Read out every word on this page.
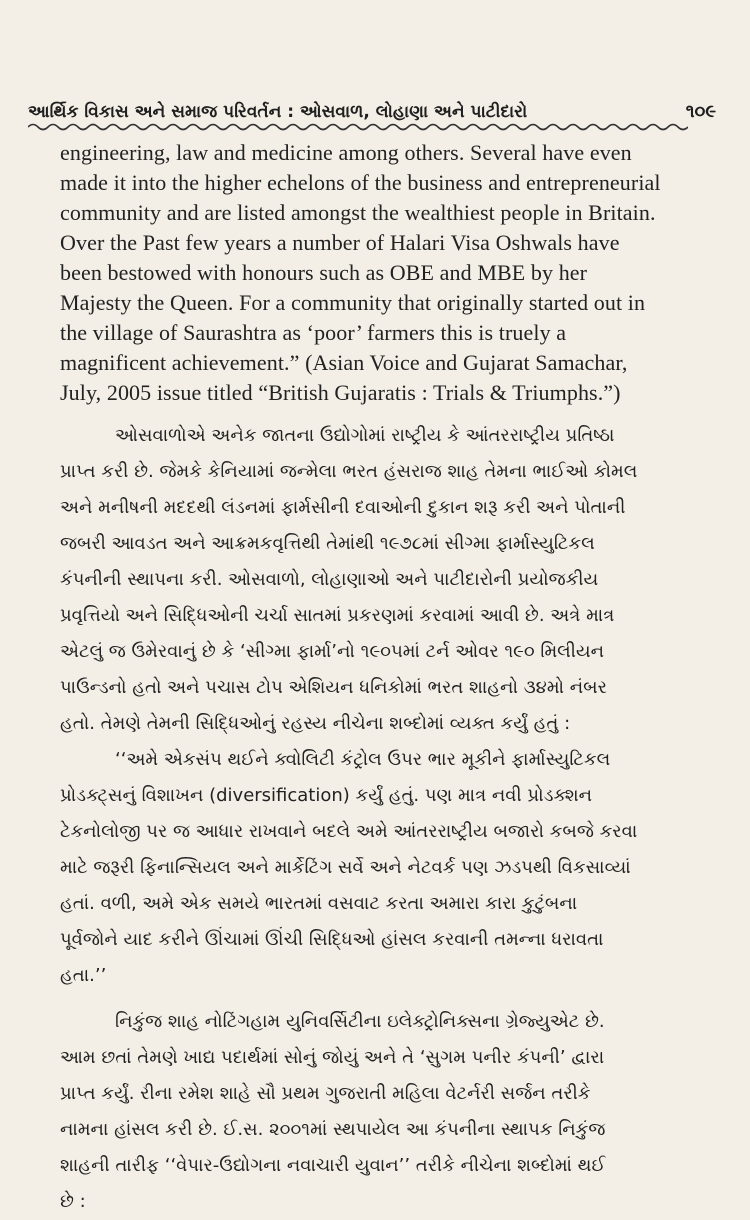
આર્થિક વિકાસ અને સમાજ પરિવર્તન : ઓસવાળ, લોહાણા અને પાટીદારો	૧૦૯
engineering, law and medicine among others. Several have even
made it into the higher echelons of the business and entrepreneurial
community and are listed amongst the wealthiest people in Britain.
Over the Past few years a number of Halari Visa Oshwals have
been bestowed with honours such as OBE and MBE by her
Majesty the Queen. For a community that originally started out in
the village of Saurashtra as ‘poor’ farmers this is truely a
magnificent achievement.” (Asian Voice and Gujarat Samachar,
July, 2005 issue titled “British Gujaratis : Trials & Triumphs.”)
ઓસવાળોએ અનેક જાતના ઉદ્યોગોમાં રાષ્ટ્રીય કે આંતરરાષ્ટ્રીય પ્રતિષ્ઠા
પ્રાપ્ત કરી છે. જેમકે કેનિયામાં જન્મેલા ભરત હંસરાજ શાહ તેમના ભાઈઓ કોમલ
અને મનીષની મદદથી લંડનમાં ફાર્મસીની દવાઓની દુકાન શરૂ કરી અને પોતાની
જબરી આવડત અને આક્રમકવૃત્તિથી તેમાંથી ૧૯૭૮માં સીગ્મા ફાર્માસ્યુટિકલ
કંપનીની સ્થાપના કરી. ઓસવાળો, લોહાણાઓ અને પાટીદારોની પ્રયોજકીય
પ્રવૃત્તિયો અને સિદ્ધિઓની ચર્ચા સાતમાં પ્રકરણમાં કરવામાં આવી છે. અત્રે માત્ર
એટલું જ ઉમેરવાનું છે કે ‘સીગ્મા ફાર્મા’નો ૧૯૦૫માં ટર્ન ઓવર ૧૯૦ મિલીયન
પાઉન્ડનો હતો અને પચાસ ટોપ એશિયન ધનિકોમાં ભરત શાહનો ૩૪મો નંબર
હતો. તેમણે તેમની સિદ્ધિઓનું રહસ્ય નીચેના શબ્દોમાં વ્યક્ત કર્યું હતું :
‘‘અમે એકસંપ થઈને ક્વોલિટી કંટ્રોલ ઉપર ભાર મૂકીને ફાર્માસ્યુટિકલ
પ્રોડક્ટ્સનું વિશાખન (diversification) કર્યું હતું. પણ માત્ર નવી પ્રોડક્શન
ટેકનોલોજી પર જ આધાર રાખવાને બદલે અમે આંતરરાષ્ટ્રીય બજારો કબજે કરવા
માટે જરૂરી ફિનાન્સિયલ અને માર્કેટિંગ સર્વે અને નેટવર્ક પણ ઝડપથી વિકસાવ્યાં
હતાં. વળી, અમે એક સમયે ભારતમાં વસવાટ કરતા અમારા કારા કુટુંબના
પૂર્વજોને યાદ કરીને ઊંચામાં ઊંચી સિદ્ધિઓ હાંસલ કરવાની તમન્ના ધરાવતા
હતા.’’
નિકુંજ શાહ નોટિંગહામ યુનિવર્સિટીના ઇલેક્ટ્રોનિક્સના ગ્રેજ્યુએટ છે.
આમ છતાં તેમણે ખાદ્ય પદાર્થમાં સોનું જોયું અને તે ‘સુગમ પનીર કંપની’ દ્વારા
પ્રાપ્ત કર્યું. રીના રમેશ શાહે સૌ પ્રથમ ગુજરાતી મહિલા વેટર્નરી સર્જન તરીકે
નામના હાંસલ કરી છે. ઈ.સ. ૨૦૦૧માં સ્થપાયેલ આ કંપનીના સ્થાપક નિકુંજ
શાહની તારીફ ‘‘વેપાર-ઉદ્યોગના નવાચારી યુવાન’’ તરીકે નીચેના શબ્દોમાં થઈ
છે :
